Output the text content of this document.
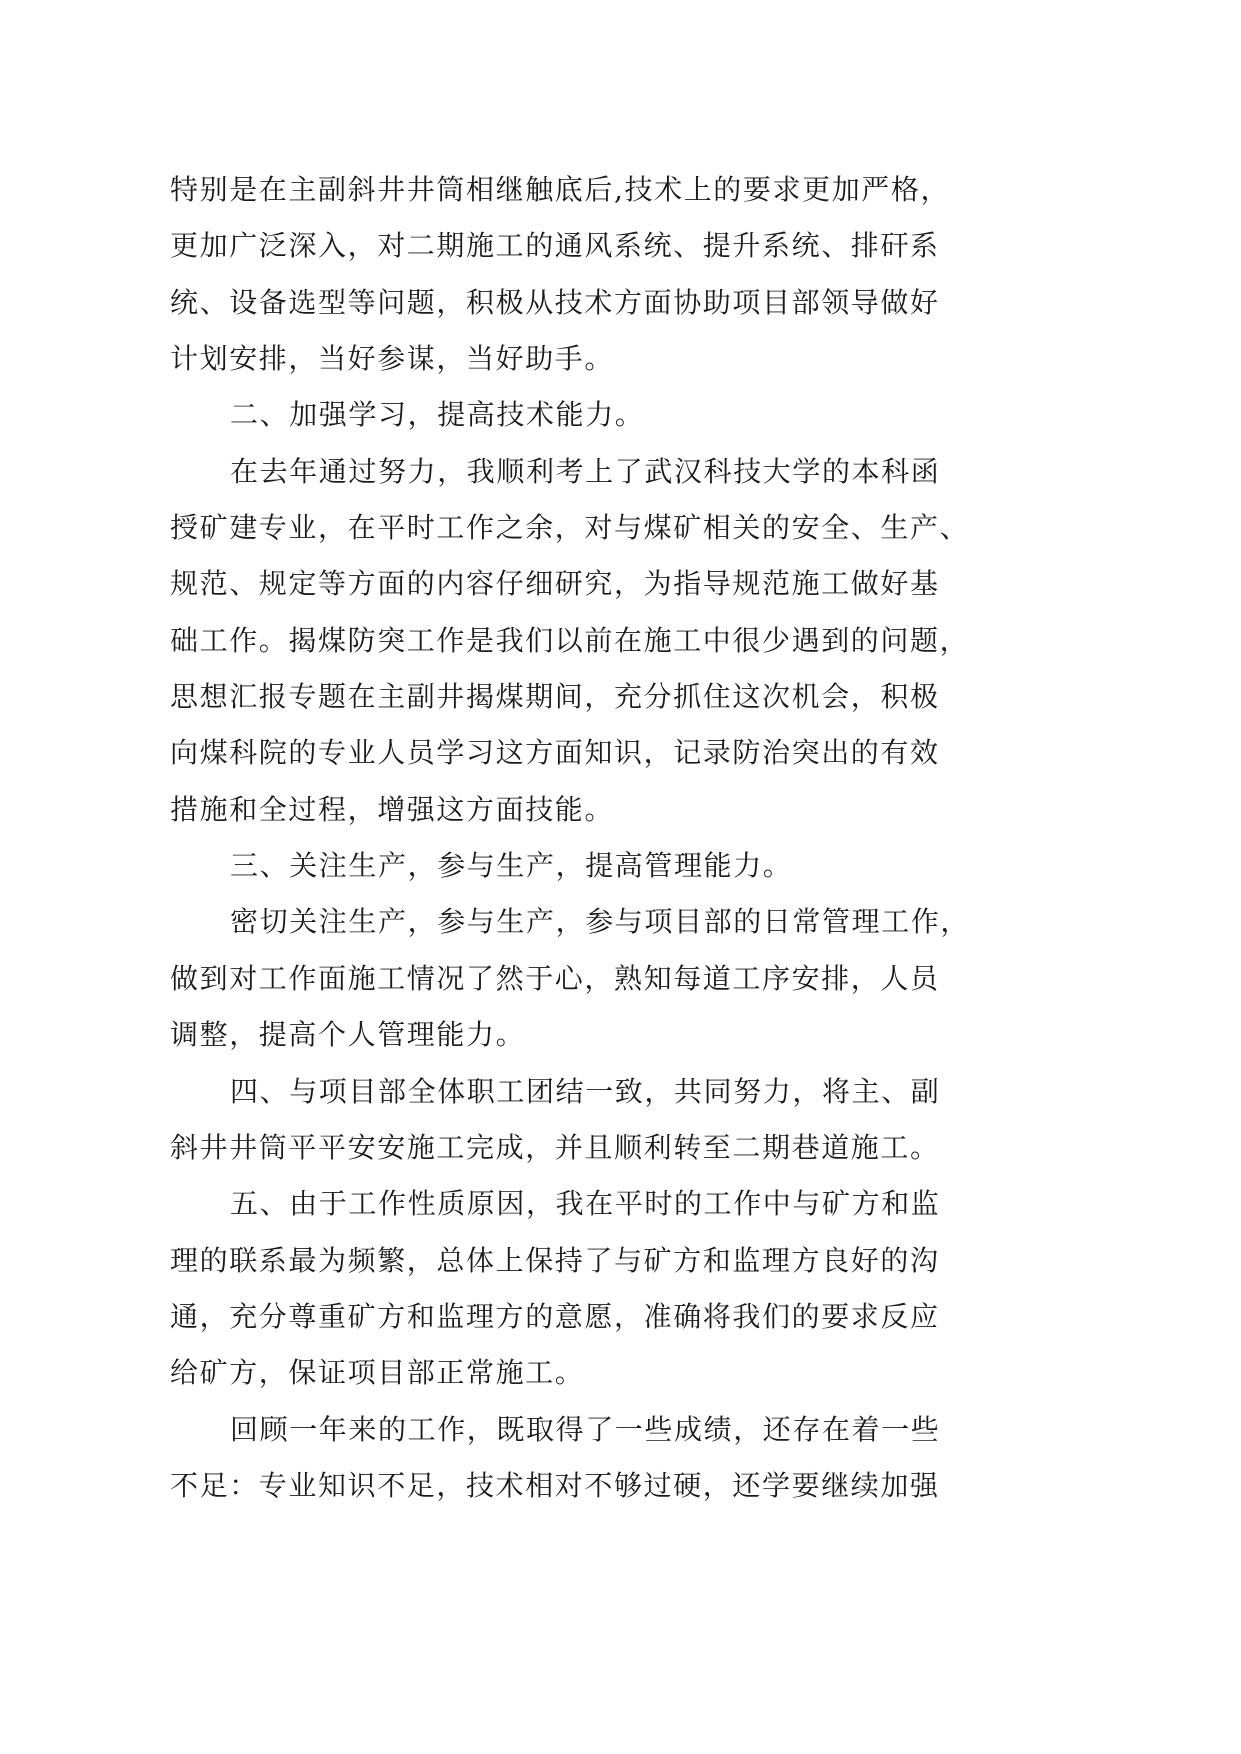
特别是在主副斜井井筒相继触底后,技术上的要求更加严格，
更加广泛深入，对二期施工的通风系统、提升系统、排矸系
统、设备选型等问题，积极从技术方面协助项目部领导做好
计划安排，当好参谋，当好助手。
二、加强学习，提高技术能力。
在去年通过努力，我顺利考上了武汉科技大学的本科函
授矿建专业，在平时工作之余，对与煤矿相关的安全、生产、
规范、规定等方面的内容仔细研究，为指导规范施工做好基
础工作。揭煤防突工作是我们以前在施工中很少遇到的问题，
思想汇报专题在主副井揭煤期间，充分抓住这次机会，积极
向煤科院的专业人员学习这方面知识，记录防治突出的有效
措施和全过程，增强这方面技能。
三、关注生产，参与生产，提高管理能力。
密切关注生产，参与生产，参与项目部的日常管理工作，
做到对工作面施工情况了然于心，熟知每道工序安排，人员
调整，提高个人管理能力。
四、与项目部全体职工团结一致，共同努力，将主、副
斜井井筒平平安安施工完成，并且顺利转至二期巷道施工。
五、由于工作性质原因，我在平时的工作中与矿方和监
理的联系最为频繁，总体上保持了与矿方和监理方良好的沟
通，充分尊重矿方和监理方的意愿，准确将我们的要求反应
给矿方，保证项目部正常施工。
回顾一年来的工作，既取得了一些成绩，还存在着一些
不足：专业知识不足，技术相对不够过硬，还学要继续加强
